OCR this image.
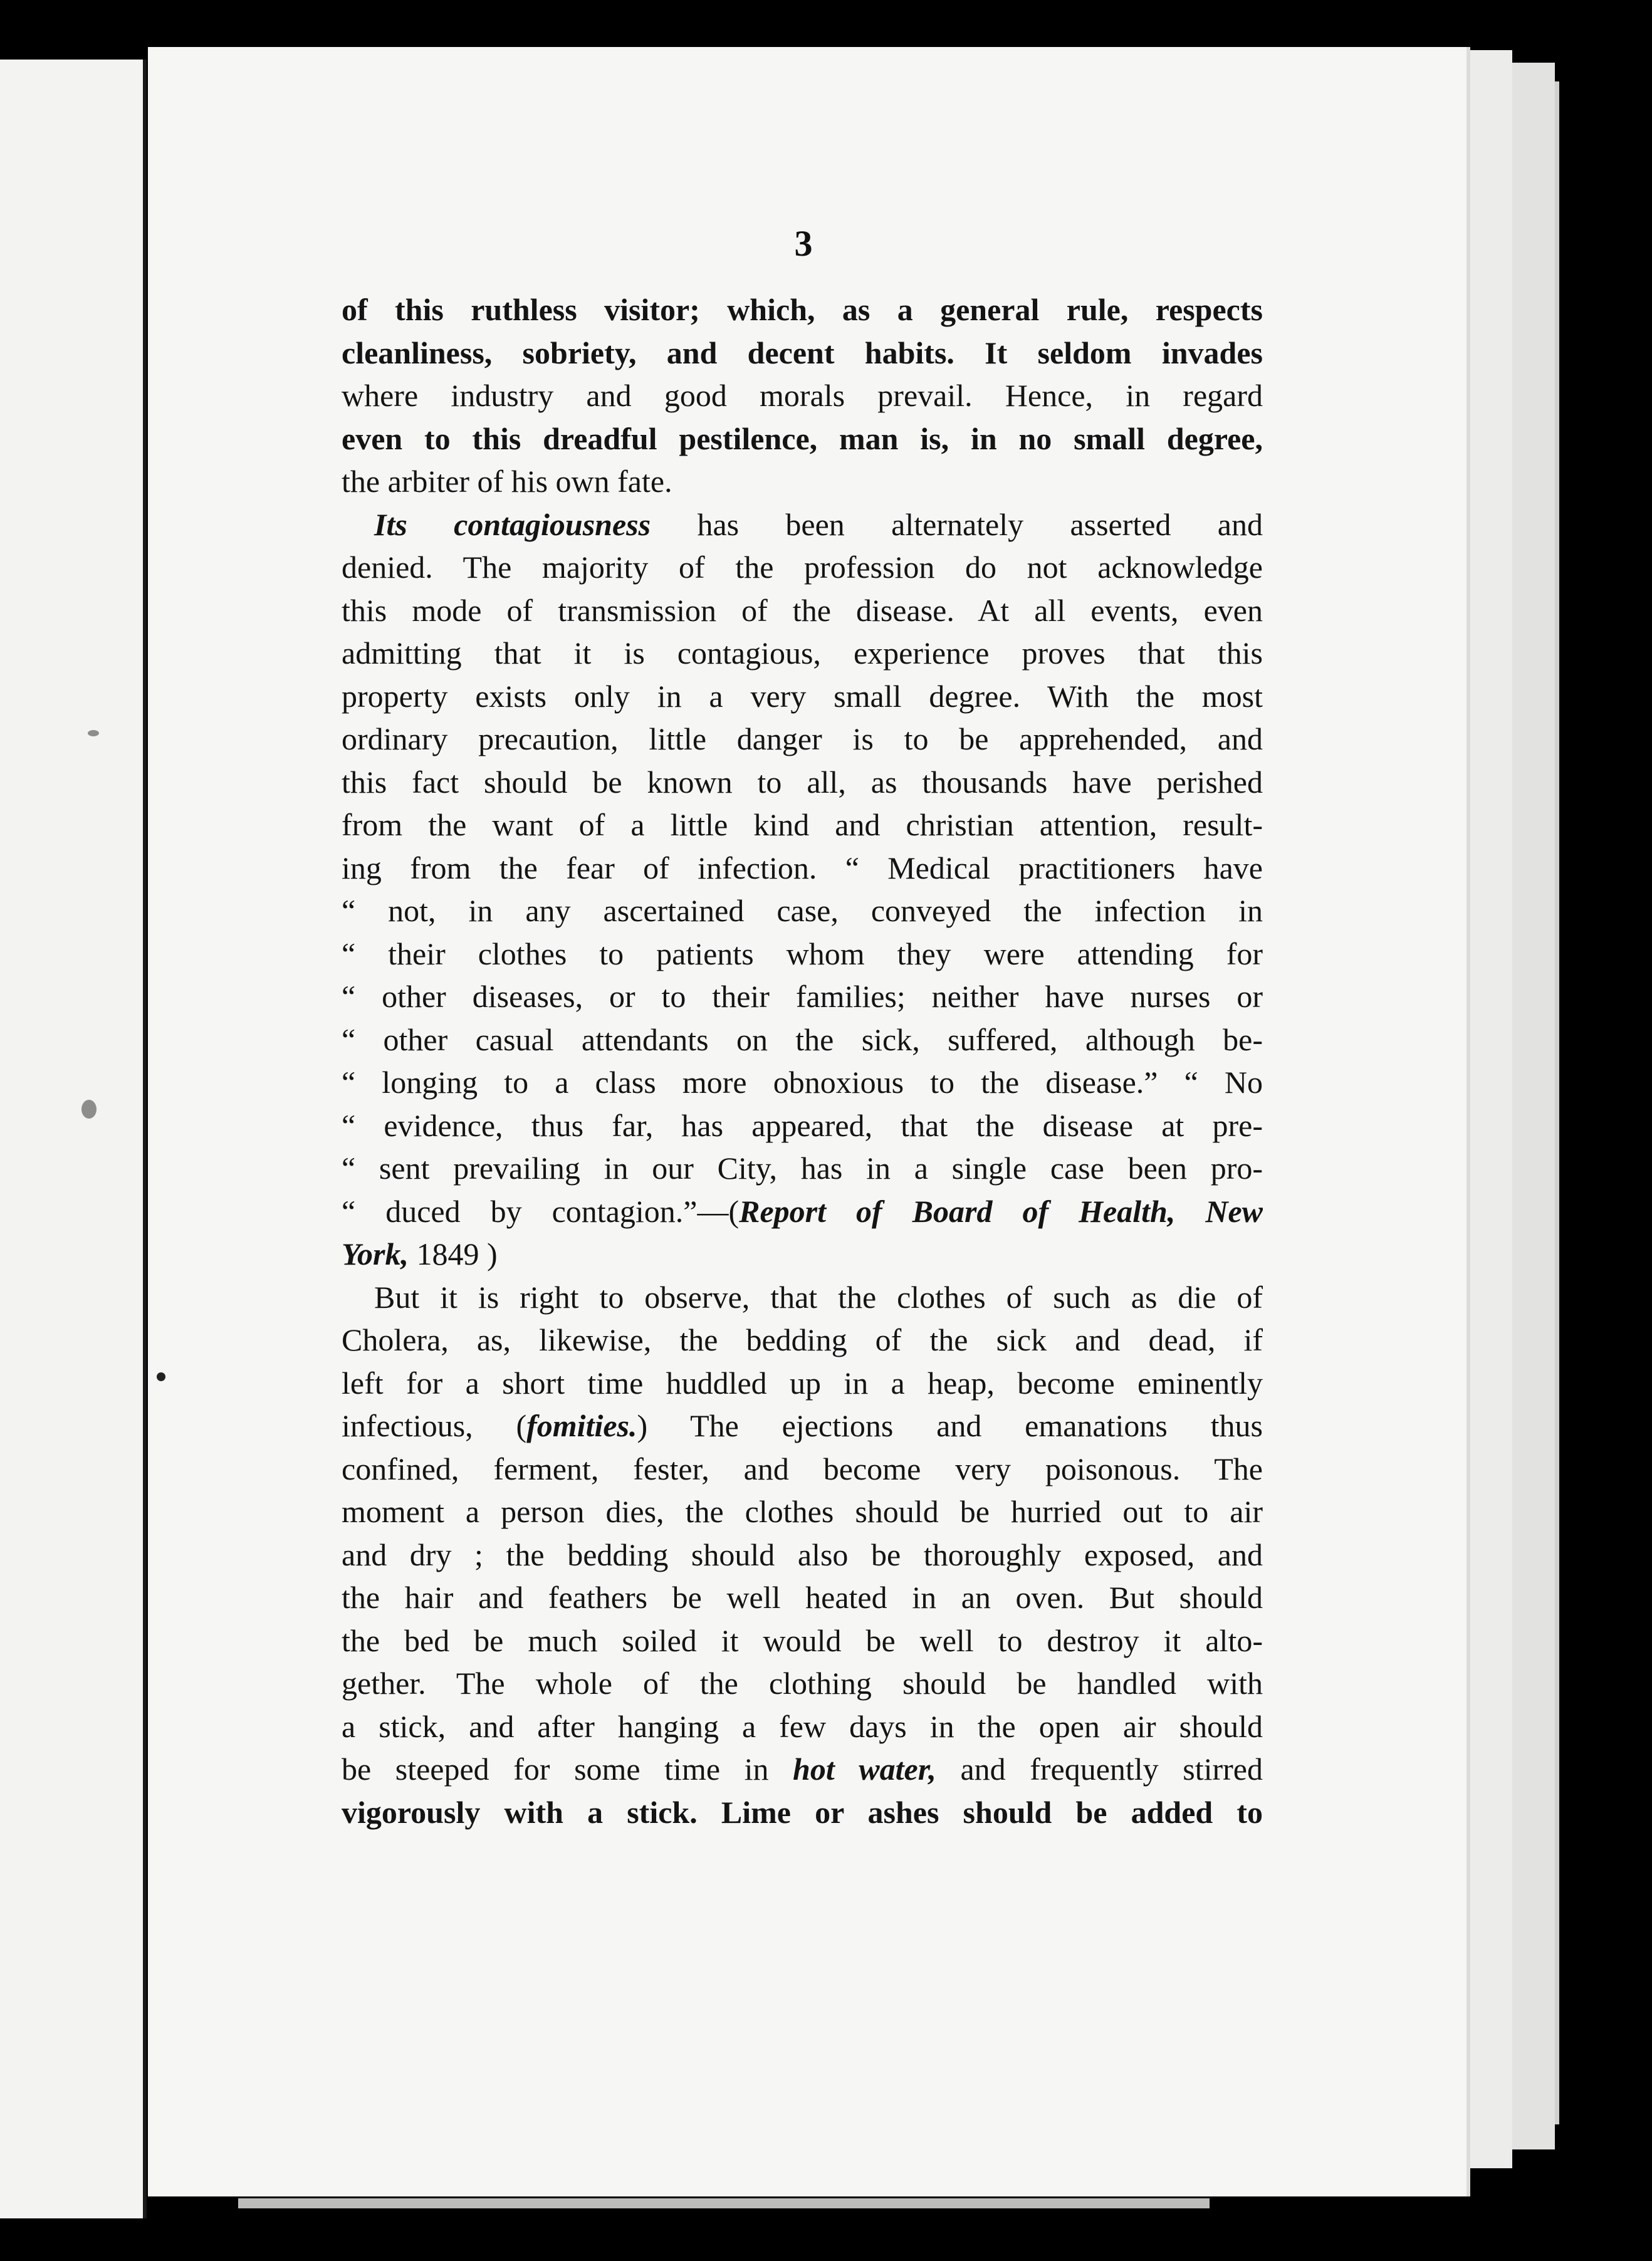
3
of this ruthless visitor; which, as a general rule, respects
cleanliness, sobriety, and decent habits. It seldom invades
where industry and good morals prevail. Hence, in regard
even to this dreadful pestilence, man is, in no small degree,
the arbiter of his own fate.
Its contagiousness has been alternately asserted and
denied. The majority of the profession do not acknowledge
this mode of transmission of the disease. At all events, even
admitting that it is contagious, experience proves that this
property exists only in a very small degree. With the most
ordinary precaution, little danger is to be apprehended, and
this fact should be known to all, as thousands have perished
from the want of a little kind and christian attention, result-
ing from the fear of infection. “ Medical practitioners have
“ not, in any ascertained case, conveyed the infection in
“ their clothes to patients whom they were attending for
“ other diseases, or to their families; neither have nurses or
“ other casual attendants on the sick, suffered, although be-
“ longing to a class more obnoxious to the disease.” “ No
“ evidence, thus far, has appeared, that the disease at pre-
“ sent prevailing in our City, has in a single case been pro-
“ duced by contagion.”—(Report of Board of Health, New
York, 1849 )
But it is right to observe, that the clothes of such as die of
Cholera, as, likewise, the bedding of the sick and dead, if
left for a short time huddled up in a heap, become eminently
infectious, (fomities.) The ejections and emanations thus
confined, ferment, fester, and become very poisonous. The
moment a person dies, the clothes should be hurried out to air
and dry ; the bedding should also be thoroughly exposed, and
the hair and feathers be well heated in an oven. But should
the bed be much soiled it would be well to destroy it alto-
gether. The whole of the clothing should be handled with
a stick, and after hanging a few days in the open air should
be steeped for some time in hot water, and frequently stirred
vigorously with a stick. Lime or ashes should be added to
